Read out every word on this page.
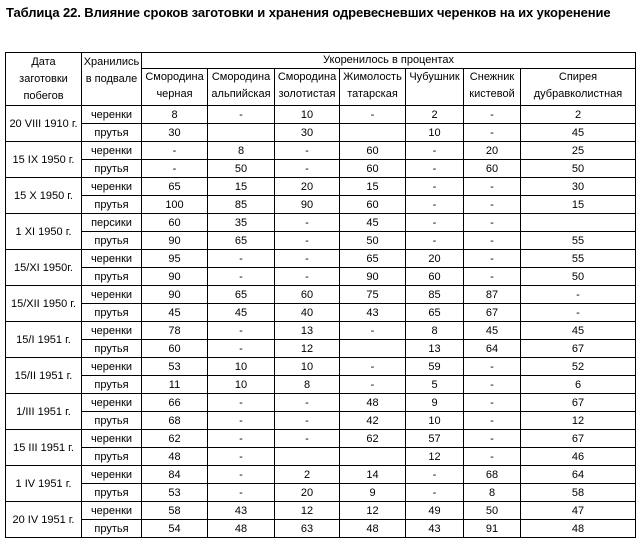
Таблица 22. Влияние сроков заготовки и хранения одревесневших черенков на их укоренение
Дата заготовки побегов	Хранились в подвале	Укоренилось в процентах						
		Смородина черная	Смородина альпийская	Смородина золотистая	Жимолость татарская	Чубушник	Снежник кистевой	Спирея дубравколистная
20 VIII 1910 г.	черенки	8	-	10	-	2	-	2
	прутья	30		30		10	-	45
15 IX 1950 г.	черенки	-	8	-	60	-	20	25
	прутья	-	50	-	60	-	60	50
15 X 1950 г.	черенки	65	15	20	15	-	-	30
	прутья	100	85	90	60	-	-	15
1 XI 1950 г.	персики	60	35	-	45	-	-	
	прутья	90	65	-	50	-	-	55
15/XI 1950г.	черенки	95	-	-	65	20	-	55
	прутья	90	-	-	90	60	-	50
15/XII 1950 г.	черенки	90	65	60	75	85	87	-
	прутья	45	45	40	43	65	67	-
15/I 1951 г.	черенки	78	-	13	-	8	45	45
	прутья	60	-	12		13	64	67
15/II 1951 г.	черенки	53	10	10	-	59	-	52
	прутья	11	10	8	-	5	-	6
1/III 1951 г.	черенки	66	-	-	48	9	-	67
	прутья	68	-	-	42	10	-	12
15 III 1951 г.	черенки	62	-	-	62	57	-	67
	прутья	48	-			12	-	46
1 IV 1951 г.	черенки	84	-	2	14	-	68	64
	прутья	53	-	20	9	-	8	58
20 IV 1951 г.	черенки	58	43	12	12	49	50	47
	прутья	54	48	63	48	43	91	48
